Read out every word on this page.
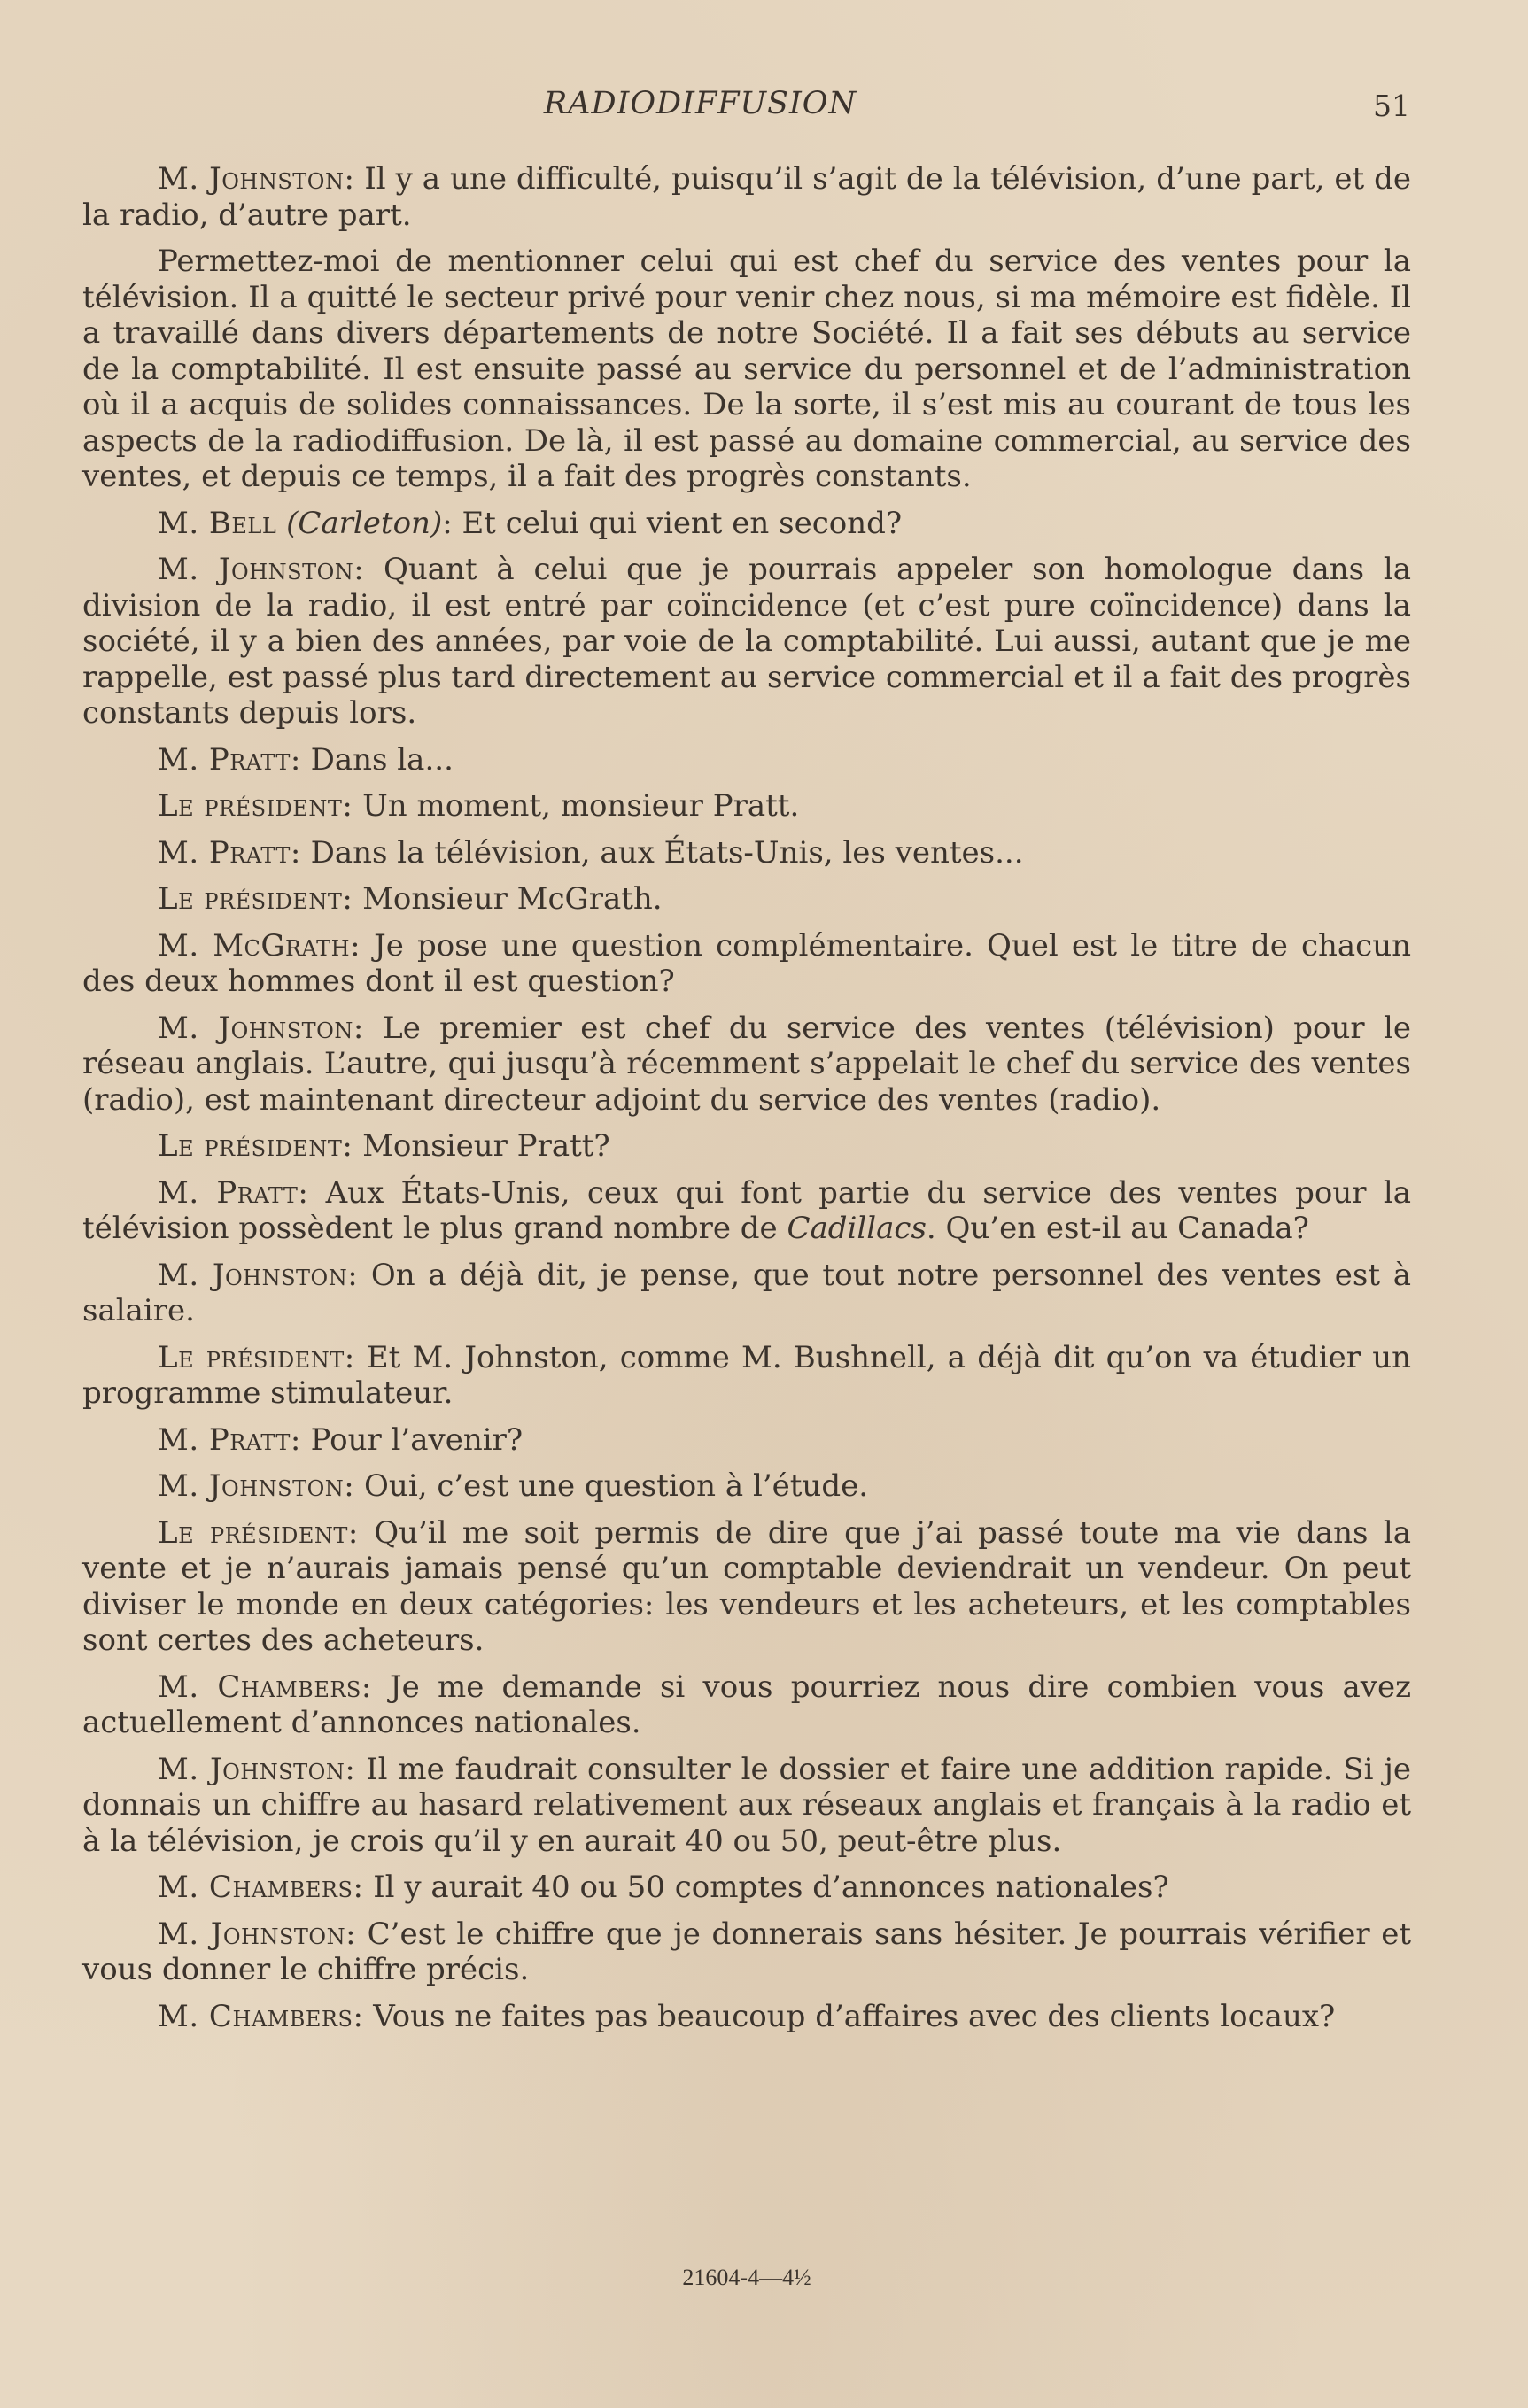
RADIODIFFUSION	51

M. Johnston: Il y a une difficulté, puisqu’il s’agit de la télévision, d’une part, et de la radio, d’autre part.

Permettez-moi de mentionner celui qui est chef du service des ventes pour la télévision. Il a quitté le secteur privé pour venir chez nous, si ma mémoire est fidèle. Il a travaillé dans divers départements de notre Société. Il a fait ses débuts au service de la comptabilité. Il est ensuite passé au service du personnel et de l’administration où il a acquis de solides connaissances. De la sorte, il s’est mis au courant de tous les aspects de la radiodiffusion. De là, il est passé au domaine commercial, au service des ventes, et depuis ce temps, il a fait des progrès constants.

M. Bell (Carleton): Et celui qui vient en second?

M. Johnston: Quant à celui que je pourrais appeler son homologue dans la division de la radio, il est entré par coïncidence (et c’est pure coïncidence) dans la société, il y a bien des années, par voie de la comptabilité. Lui aussi, autant que je me rappelle, est passé plus tard directement au service commercial et il a fait des progrès constants depuis lors.

M. Pratt: Dans la...

Le président: Un moment, monsieur Pratt.

M. Pratt: Dans la télévision, aux États-Unis, les ventes...

Le président: Monsieur McGrath.

M. McGrath: Je pose une question complémentaire. Quel est le titre de chacun des deux hommes dont il est question?

M. Johnston: Le premier est chef du service des ventes (télévision) pour le réseau anglais. L’autre, qui jusqu’à récemment s’appelait le chef du service des ventes (radio), est maintenant directeur adjoint du service des ventes (radio).

Le président: Monsieur Pratt?

M. Pratt: Aux États-Unis, ceux qui font partie du service des ventes pour la télévision possèdent le plus grand nombre de Cadillacs. Qu’en est-il au Canada?

M. Johnston: On a déjà dit, je pense, que tout notre personnel des ventes est à salaire.

Le président: Et M. Johnston, comme M. Bushnell, a déjà dit qu’on va étudier un programme stimulateur.

M. Pratt: Pour l’avenir?

M. Johnston: Oui, c’est une question à l’étude.

Le président: Qu’il me soit permis de dire que j’ai passé toute ma vie dans la vente et je n’aurais jamais pensé qu’un comptable deviendrait un vendeur. On peut diviser le monde en deux catégories: les vendeurs et les acheteurs, et les comptables sont certes des acheteurs.

M. Chambers: Je me demande si vous pourriez nous dire combien vous avez actuellement d’annonces nationales.

M. Johnston: Il me faudrait consulter le dossier et faire une addition rapide. Si je donnais un chiffre au hasard relativement aux réseaux anglais et français à la radio et à la télévision, je crois qu’il y en aurait 40 ou 50, peut-être plus.

M. Chambers: Il y aurait 40 ou 50 comptes d’annonces nationales?

M. Johnston: C’est le chiffre que je donnerais sans hésiter. Je pourrais vérifier et vous donner le chiffre précis.

M. Chambers: Vous ne faites pas beaucoup d’affaires avec des clients locaux?

21604-4—4½
